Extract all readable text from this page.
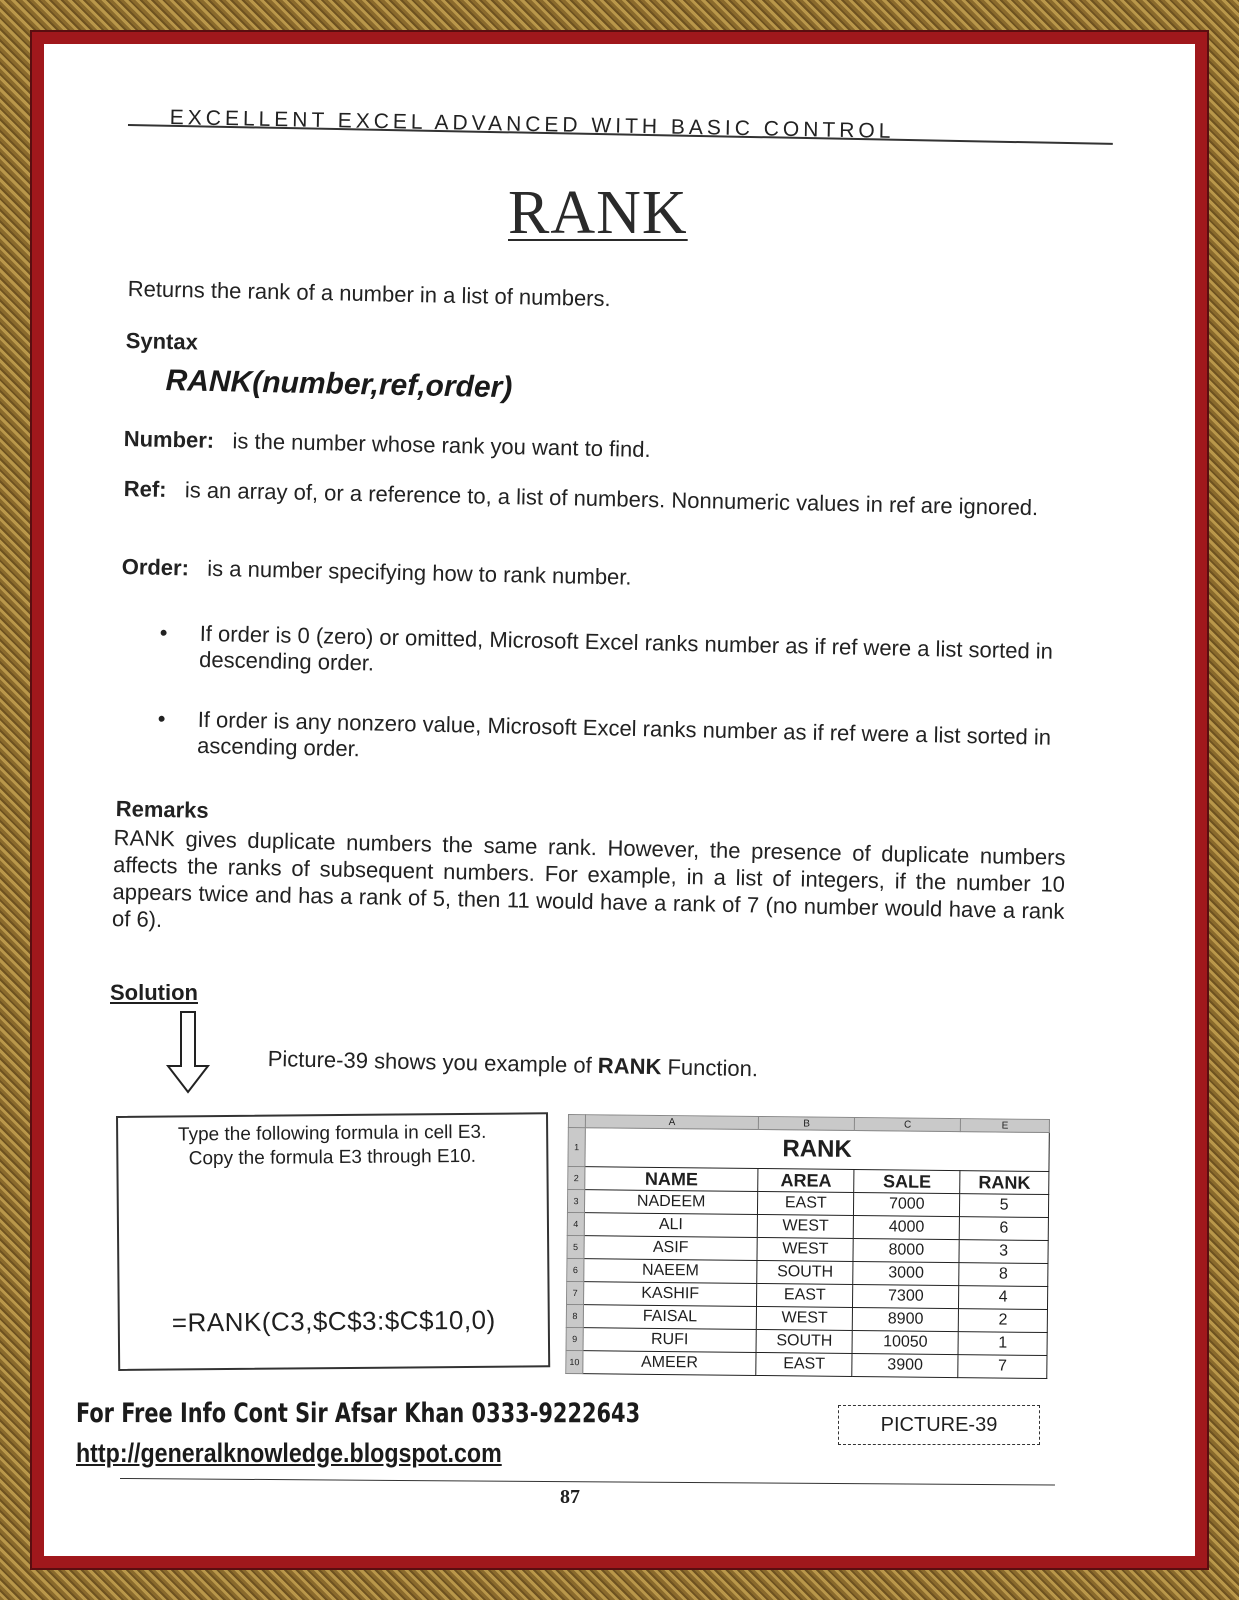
EXCELLENT EXCEL ADVANCED WITH BASIC CONTROL
RANK
Returns the rank of a number in a list of numbers.
Syntax
RANK(number,ref,order)
Number: is the number whose rank you want to find.
Ref: is an array of, or a reference to, a list of numbers. Nonnumeric values in ref are ignored.
Order: is a number specifying how to rank number.
• If order is 0 (zero) or omitted, Microsoft Excel ranks number as if ref were a list sorted in descending order.
• If order is any nonzero value, Microsoft Excel ranks number as if ref were a list sorted in ascending order.
Remarks
RANK gives duplicate numbers the same rank. However, the presence of duplicate numbers affects the ranks of subsequent numbers. For example, in a list of integers, if the number 10 appears twice and has a rank of 5, then 11 would have a rank of 7 (no number would have a rank of 6).
Solution
Picture-39 shows you example of RANK Function.
Type the following formula in cell E3.
Copy the formula E3 through E10.
=RANK(C3,$C$3:$C$10,0)
	A	B	C	E
1	RANK			
2	NAME	AREA	SALE	RANK
3	NADEEM	EAST	7000	5
4	ALI	WEST	4000	6
5	ASIF	WEST	8000	3
6	NAEEM	SOUTH	3000	8
7	KASHIF	EAST	7300	4
8	FAISAL	WEST	8900	2
9	RUFI	SOUTH	10050	1
10	AMEER	EAST	3900	7
PICTURE-39
For Free Info Cont Sir Afsar Khan 0333-9222643
http://generalknowledge.blogspot.com
87
